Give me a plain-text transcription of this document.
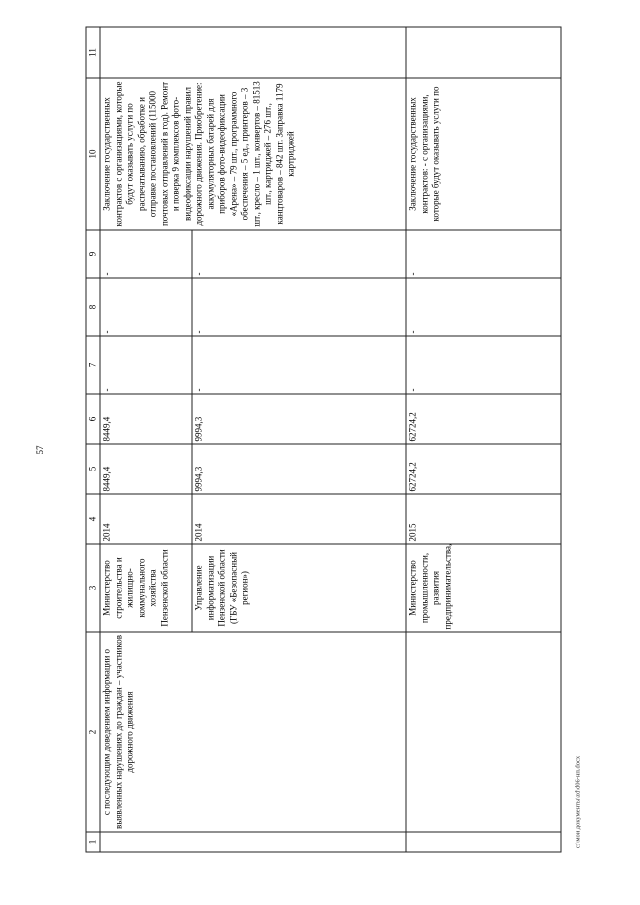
57
1	2	3	4	5	6	7	8	9	10	11
	с последующим доведением информации о выявленных нарушениях до граждан – участников дорожного движения	Министерство строительства и жилищно-коммунального хозяйства Пензенской области	2014	8449,4	8449,4	-	-	-	Заключение государственных контрактов с организациями, которые будут оказывать услуги по распечатыванию, обработке и отправке постановлений (115000 почтовых отправлений в год). Ремонт и поверка 9 комплексов фото-видеофиксации нарушений правил дорожного движения. Приобретение: аккумуляторных батарей для приборов фото-видеофиксации «Арена» – 79 шт., программного обеспечения – 5 ед., принтеров – 3 шт., кресло – 1 шт., конвертов – 81513 шт., картриджей – 276 шт., канцтоваров – 842 шт. Заправка 1179 картриджей	
		Управление информатизации Пензенской области (ГБУ «Безопасный регион»)	2014	9994,3	9994,3	-	-	-		
		Министерство промышленности, развития предпринимательства,	2015	62724,2	62724,2	-	-	-	Заключение государственных контрактов: - с организациями, которые будут оказывать услуги по	
c:\мои документы\zd\d06-нп.docx
